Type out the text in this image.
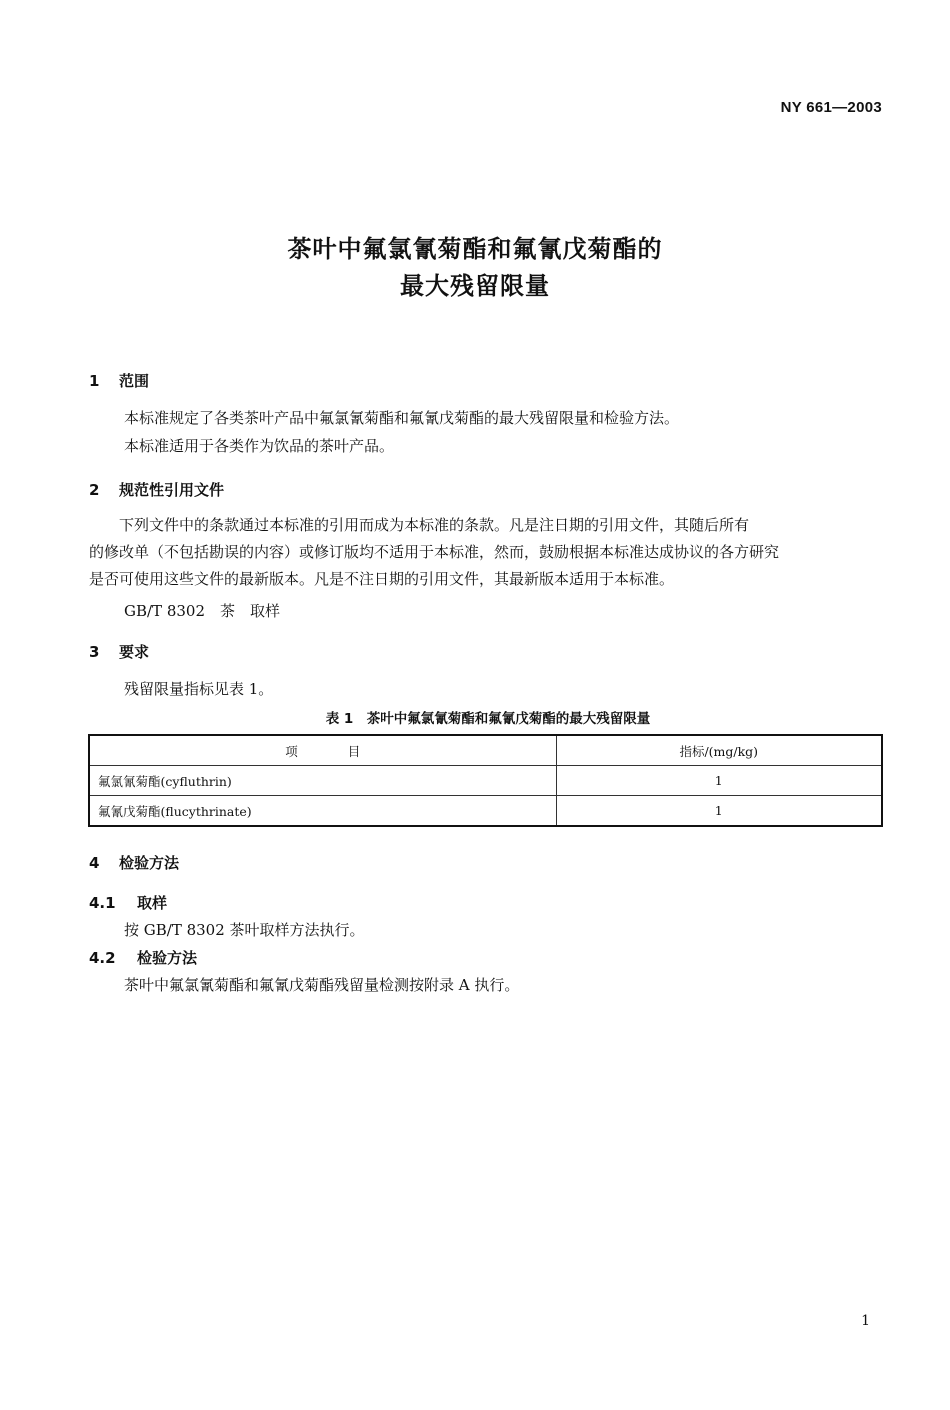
NY 661—2003
茶叶中氟氯氰菊酯和氟氰戊菊酯的
最大残留限量
1 范围
本标准规定了各类茶叶产品中氟氯氰菊酯和氟氰戊菊酯的最大残留限量和检验方法。
本标准适用于各类作为饮品的茶叶产品。
2 规范性引用文件
　　下列文件中的条款通过本标准的引用而成为本标准的条款。凡是注日期的引用文件，其随后所有
的修改单（不包括勘误的内容）或修订版均不适用于本标准，然而，鼓励根据本标准达成协议的各方研究
是否可使用这些文件的最新版本。凡是不注日期的引用文件，其最新版本适用于本标准。
GB/T 8302　茶　取样
3 要求
残留限量指标见表 1。
表 1　茶叶中氟氯氰菊酯和氟氰戊菊酯的最大残留限量
项　　　　目	指标/(mg/kg)
氟氯氰菊酯(cyfluthrin)	1
氟氰戊菊酯(flucythrinate)	1
4 检验方法
4.1 取样
按 GB/T 8302 茶叶取样方法执行。
4.2 检验方法
茶叶中氟氯氰菊酯和氟氰戊菊酯残留量检测按附录 A 执行。
1
